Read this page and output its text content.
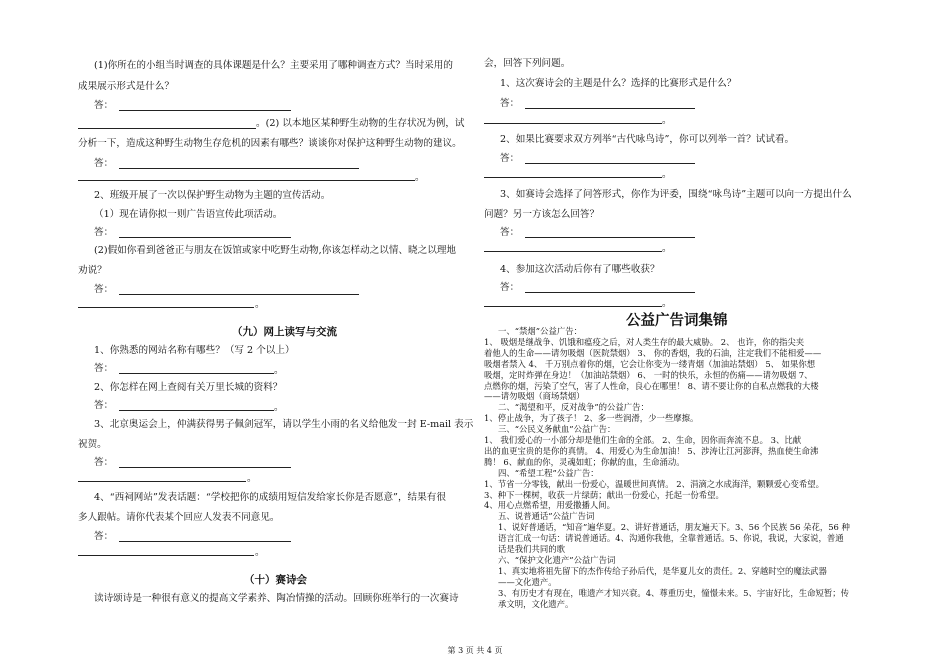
(1)你所在的小组当时调查的具体课题是什么？主要采用了哪种调查方式？当时采用的
成果展示形式是什么？
答：
。(2) 以本地区某种野生动物的生存状况为例，试
分析一下，造成这种野生动物生存危机的因素有哪些？谈谈你对保护这种野生动物的建议。
答：
。
2、班级开展了一次以保护野生动物为主题的宣传活动。
（1）现在请你拟一则广告语宣传此项活动。
答：
(2)假如你看到爸爸正与朋友在饭馆或家中吃野生动物,你该怎样动之以情、晓之以理地
劝说？
答：
。
（九）网上读写与交流
1、你熟悉的网站名称有哪些？（写 2 个以上）
答：	。
2、你怎样在网上查阅有关万里长城的资料？
答：	。
3、北京奥运会上，仲满获得男子佩剑冠军，请以学生小雨的名义给他发一封 E-mail 表示
祝贺。
答：
。
4、“西祠网站”发表话题：“学校把你的成绩用短信发给家长你是否愿意”，结果有很
多人跟帖。请你代表某个回应人发表不同意见。
答：
。
（十）赛诗会
读诗颂诗是一种很有意义的提高文学素养、陶冶情操的活动。回顾你班举行的一次赛诗
会，回答下列问题。
1、这次赛诗会的主题是什么？选择的比赛形式是什么？
答：
。
2、如果比赛要求双方列举“古代咏鸟诗”，你可以列举一首？试试看。
答：
。
3、如赛诗会选择了问答形式，你作为评委，围绕“咏鸟诗”主题可以向一方提出什么
问题？另一方该怎么回答？
答：
。
4、参加这次活动后你有了哪些收获？
答：
。
公益广告词集锦
一、“禁烟”公益广告：
1、 吸烟是继战争、饥饿和瘟疫之后，对人类生存的最大威胁。 2、 也许，你的指尖夹
着他人的生命——请勿吸烟（医院禁烟） 3、 你的香烟，我的石油，注定我们不能相爱——
吸烟者禁入 4、 千万别点着你的烟，它会让你变为一缕青烟（加油站禁烟） 5、 如果你想
吸烟，定时炸弹在身边！（加油站禁烟） 6、 一时的快乐，永恒的伤痛——请勿吸烟 7、
点燃你的烟，污染了空气，害了人性命，良心在哪里！ 8、请不要让你的自私点燃我的大楼
——请勿吸烟（商场禁烟）
二、“渴望和平，反对战争”的公益广告：
1、停止战争，为了孩子！ 2、多一些润滑，少一些摩擦。
三、“公民义务献血”公益广告：
1、 我们爱心的一小部分却是他们生命的全部。 2、生命，因你而奔流不息。 3、比献
出的血更宝贵的是你的真情。 4、用爱心为生命加油！ 5、涉涛让江河澎湃，热血使生命沸
腾！ 6、献血的你，灵魂如虹；你献的血，生命涌动。
四、“希望工程”公益广告：
1、节省一分零钱，献出一份爱心，温暖世间真情。 2、涓滴之水成海洋，颗颗爱心变希望。
3、种下一棵树，收获一片绿荫；献出一份爱心，托起一份希望。
4、用心点燃希望，用爱撒播人间。
五、说普通话”公益广告词
1、说好普通话，“知音”遍华夏。2、讲好普通话，朋友遍天下。3、56 个民族 56 朵花，56 种
语言汇成一句话：请说普通话。4、沟通你我他，全靠普通话。5、你说，我说，大家说，普通
话是我们共同的歌
六、“保护文化遗产”公益广告词
1、真实地将祖先留下的杰作传给子孙后代，是华夏儿女的责任。2、穿越时空的魔法武器
——文化遗产。
3、有历史才有现在，唯遗产才知兴衰。4、尊重历史，憧憬未来。5、宇宙好比，生命短暂；传
承文明，文化遗产。
第 3 页 共 4 页
